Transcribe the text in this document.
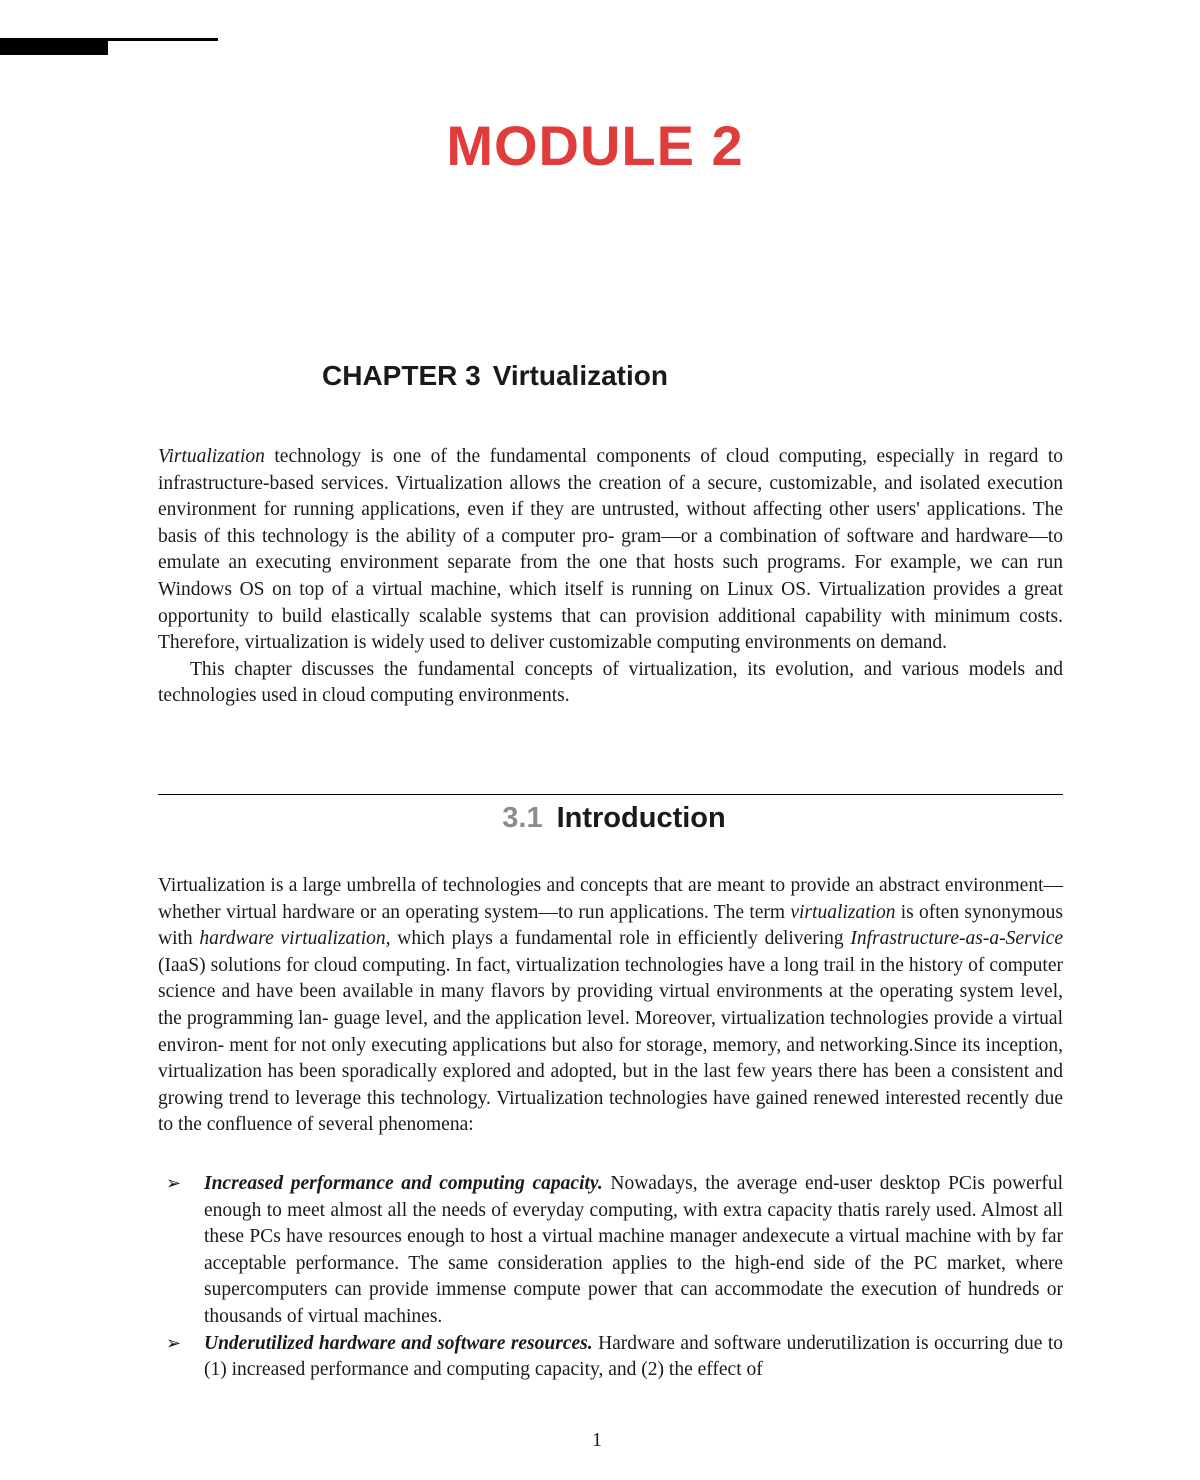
MODULE 2
CHAPTER 3 Virtualization

Virtualization technology is one of the fundamental components of cloud computing, especially in regard to infrastructure-based services. Virtualization allows the creation of a secure, customizable, and isolated execution environment for running applications, even if they are untrusted, without affecting other users' applications. The basis of this technology is the ability of a computer pro- gram—or a combination of software and hardware—to emulate an executing environment separate from the one that hosts such programs. For example, we can run Windows OS on top of a virtual machine, which itself is running on Linux OS. Virtualization provides a great opportunity to build elastically scalable systems that can provision additional capability with minimum costs. Therefore, virtualization is widely used to deliver customizable computing environments on demand.

This chapter discusses the fundamental concepts of virtualization, its evolution, and various models and technologies used in cloud computing environments.

3.1 Introduction

Virtualization is a large umbrella of technologies and concepts that are meant to provide an abstract environment—whether virtual hardware or an operating system—to run applications. The term virtualization is often synonymous with hardware virtualization, which plays a fundamental role in efficiently delivering Infrastructure-as-a-Service (IaaS) solutions for cloud computing. In fact, virtualization technologies have a long trail in the history of computer science and have been available in many flavors by providing virtual environments at the operating system level, the programming lan- guage level, and the application level. Moreover, virtualization technologies provide a virtual environ- ment for not only executing applications but also for storage, memory, and networking.Since its inception, virtualization has been sporadically explored and adopted, but in the last few years there has been a consistent and growing trend to leverage this technology. Virtualization technologies have gained renewed interested recently due to the confluence of several phenomena:

➢ Increased performance and computing capacity. Nowadays, the average end-user desktop PCis powerful enough to meet almost all the needs of everyday computing, with extra capacity thatis rarely used. Almost all these PCs have resources enough to host a virtual machine manager andexecute a virtual machine with by far acceptable performance. The same consideration applies to the high-end side of the PC market, where supercomputers can provide immense compute power that can accommodate the execution of hundreds or thousands of virtual machines.
➢ Underutilized hardware and software resources. Hardware and software underutilization is occurring due to (1) increased performance and computing capacity, and (2) the effect of
1
